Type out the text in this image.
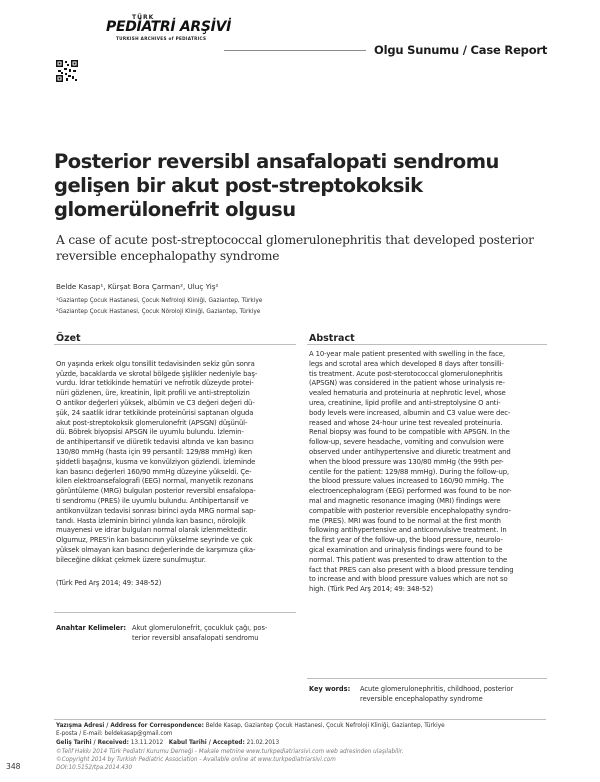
TÜRK
PEDİATRİ ARŞİVİ
TURKISH ARCHIVES of PEDIATRICS
Olgu Sunumu / Case Report
Posterior reversibl ansafalopati sendromu gelişen bir akut post-streptokoksik glomerülonefrit olgusu
A case of acute post-streptococcal glomerulonephritis that developed posterior reversible encephalopathy syndrome
Belde Kasap¹, Kürşat Bora Çarman², Uluç Yiş²
¹Gaziantep Çocuk Hastanesi, Çocuk Nefroloji Kliniği, Gaziantep, Türkiye
²Gaziantep Çocuk Hastanesi, Çocuk Nöroloji Kliniği, Gaziantep, Türkiye
Özet

On yaşında erkek olgu tonsillit tedavisinden sekiz gün sonra
yüzde, bacaklarda ve skrotal bölgede şişlikler nedeniyle baş-
vurdu. İdrar tetkikinde hematüri ve nefrotik düzeyde protei-
nüri gözlenen, üre, kreatinin, lipit profili ve anti-streptolizin
O antikor değerleri yüksek, albümin ve C3 değeri değeri dü-
şük, 24 saatlik idrar tetkikinde proteinürisi saptanan olguda
akut post-streptokoksik glomerulonefrit (APSGN) düşünül-
dü. Böbrek biyopsisi APSGN ile uyumlu bulundu. İzlemin-
de antihipertansif ve diüretik tedavisi altında ve kan basıncı
130/80 mmHg (hasta için 99 persantil: 129/88 mmHg) iken
şiddetli başağrısı, kusma ve konvülziyon gözlendi. İzleminde
kan basıncı değerleri 160/90 mmHg düzeyine yükseldi. Çe-
kilen elektroansefalografi (EEG) normal, manyetik rezonans
görüntüleme (MRG) bulguları posterior reversibl ensafalopa-
ti sendromu (PRES) ile uyumlu bulundu. Antihipertansif ve
antikonvülzan tedavisi sonrası birinci ayda MRG normal sap-
tandı. Hasta izleminin birinci yılında kan basıncı, nörolojik
muayenesi ve idrar bulguları normal olarak izlenmektedir.
Olgumuz, PRES'in kan basıncının yükselme seyrinde ve çok
yüksek olmayan kan basıncı değerlerinde de karşımıza çıka-
bileceğine dikkat çekmek üzere sunulmuştur.

(Türk Ped Arş 2014; 49: 348-52)

Anahtar Kelimeler: Akut glomerulonefrit, çocukluk çağı, pos-
terior reversibl ansafalopati sendromu
Abstract
A 10-year male patient presented with swelling in the face,
legs and scrotal area which developed 8 days after tonsilli-
tis treatment. Acute post-sterotococcal glomerulonephritis
(APSGN) was considered in the patient whose urinalysis re-
vealed hematuria and proteinuria at nephrotic level, whose
urea, creatinine, lipid profile and anti-streptolysine O anti-
body levels were increased, albumin and C3 value were dec-
reased and whose 24-hour urine test revealed proteinuria.
Renal biopsy was found to be compatible with APSGN. In the
follow-up, severe headache, vomiting and convulsion were
observed under antihypertensive and diuretic treatment and
when the blood pressure was 130/80 mmHg (the 99th per-
centile for the patient: 129/88 mmHg). During the follow-up,
the blood pressure values increased to 160/90 mmHg. The
electroencephalogram (EEG) performed was found to be nor-
mal and magnetic resonance imaging (MRI) findings were
compatible with posterior reversible encephalopathy syndro-
me (PRES). MRI was found to be normal at the first month
following antihypertensive and anticonvulsive treatment. In
the first year of the follow-up, the blood pressure, neurolo-
gical examination and urinalysis findings were found to be
normal. This patient was presented to draw attention to the
fact that PRES can also present with a blood pressure tending
to increase and with blood pressure values which are not so
high. (Türk Ped Arş 2014; 49: 348-52)
Key words: Acute glomerulonephritis, childhood, posterior
reversible encephalopathy syndrome
Yazışma Adresi / Address for Correspondence: Belde Kasap, Gaziantep Çocuk Hastanesi, Çocuk Nefroloji Kliniği, Gaziantep, Türkiye
E-posta / E-mail: beldekasap@gmail.com
Geliş Tarihi / Received: 13.11.2012 Kabul Tarihi / Accepted: 21.02.2013
©Telif Hakkı 2014 Türk Pediatri Kurumu Derneği - Makale metnine www.turkpediatriarsivi.com web adresinden ulaşılabilir.
©Copyright 2014 by Turkish Pediatric Association - Available online at www.turkpediatriarsivi.com
DOI:10.5152/tpa.2014.430
348
